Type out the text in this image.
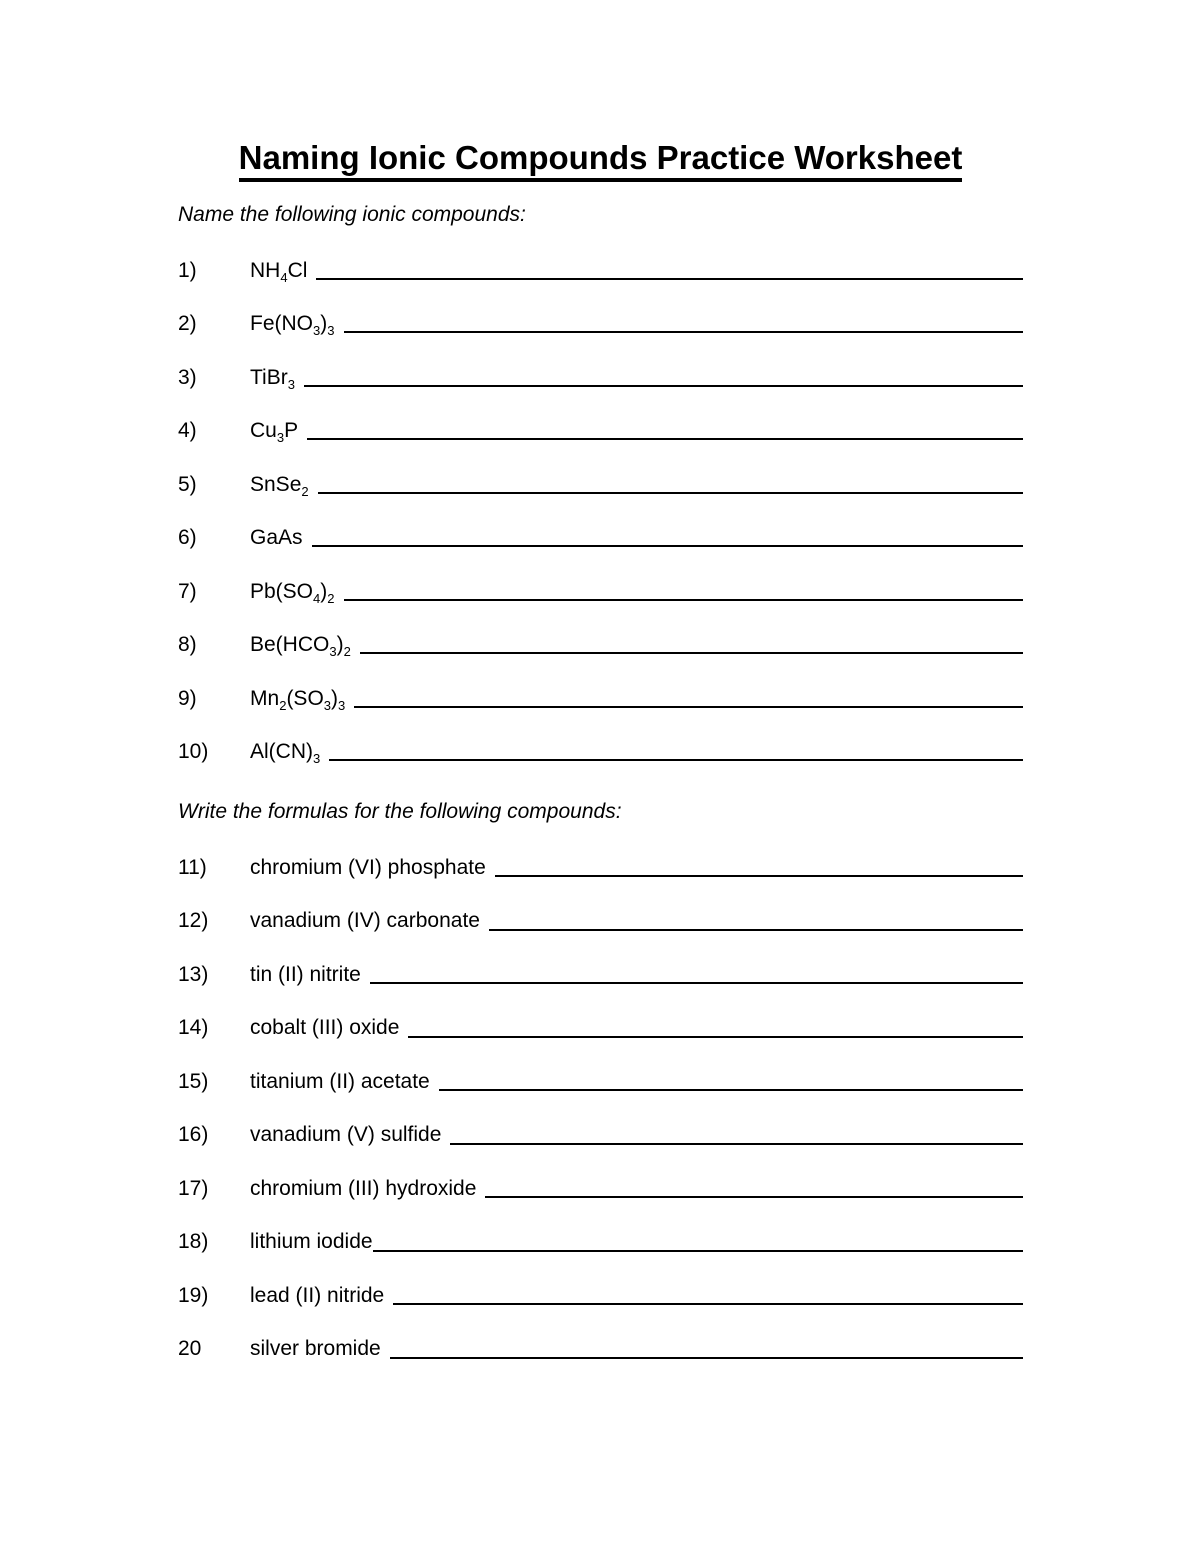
Naming Ionic Compounds Practice Worksheet

Name the following ionic compounds:

1)	$NH_4Cl$
2)	$Fe(NO_3)_3$
3)	TiBr$_3$
4)	$Cu_3P$
5)	SnSe$_2$
6)	GaAs
7)	$Pb(SO_4)_2$
8)	$Be(HCO_3)_2$
9)	$Mn_2(SO_3)_3$
10)	$Al(CN)_3$

Write the formulas for the following compounds:

11)	chromium (VI) phosphate
12)	vanadium (IV) carbonate
13)	tin (II) nitrite
14)	cobalt (III) oxide
15)	titanium (II) acetate
16)	vanadium (V) sulfide
17)	chromium (III) hydroxide
18)	lithium iodide
19)	lead (II) nitride
20	silver bromide
